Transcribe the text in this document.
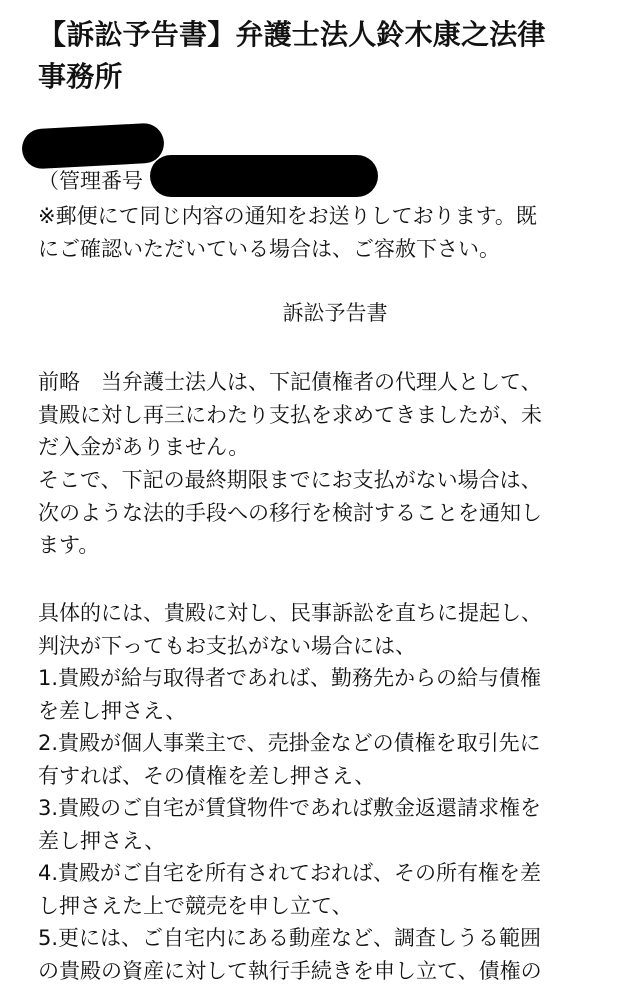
【訴訟予告書】弁護士法人鈴木康之法律
事務所
（管理番号

※郵便にて同じ内容の通知をお送りしております。既
にご確認いただいている場合は、ご容赦下さい。

訴訟予告書

前略　当弁護士法人は、下記債権者の代理人として、
貴殿に対し再三にわたり支払を求めてきましたが、未
だ入金がありません。

そこで、下記の最終期限までにお支払がない場合は、
次のような法的手段への移行を検討することを通知し
ます。

具体的には、貴殿に対し、民事訴訟を直ちに提起し、
判決が下ってもお支払がない場合には、

1.貴殿が給与取得者であれば、勤務先からの給与債権
を差し押さえ、
2.貴殿が個人事業主で、売掛金などの債権を取引先に
有すれば、その債権を差し押さえ、
3.貴殿のご自宅が賃貸物件であれば敷金返還請求権を
差し押さえ、
4.貴殿がご自宅を所有されておれば、その所有権を差
し押さえた上で競売を申し立て、
5.更には、ご自宅内にある動産など、調査しうる範囲
の貴殿の資産に対して執行手続きを申し立て、債権の
